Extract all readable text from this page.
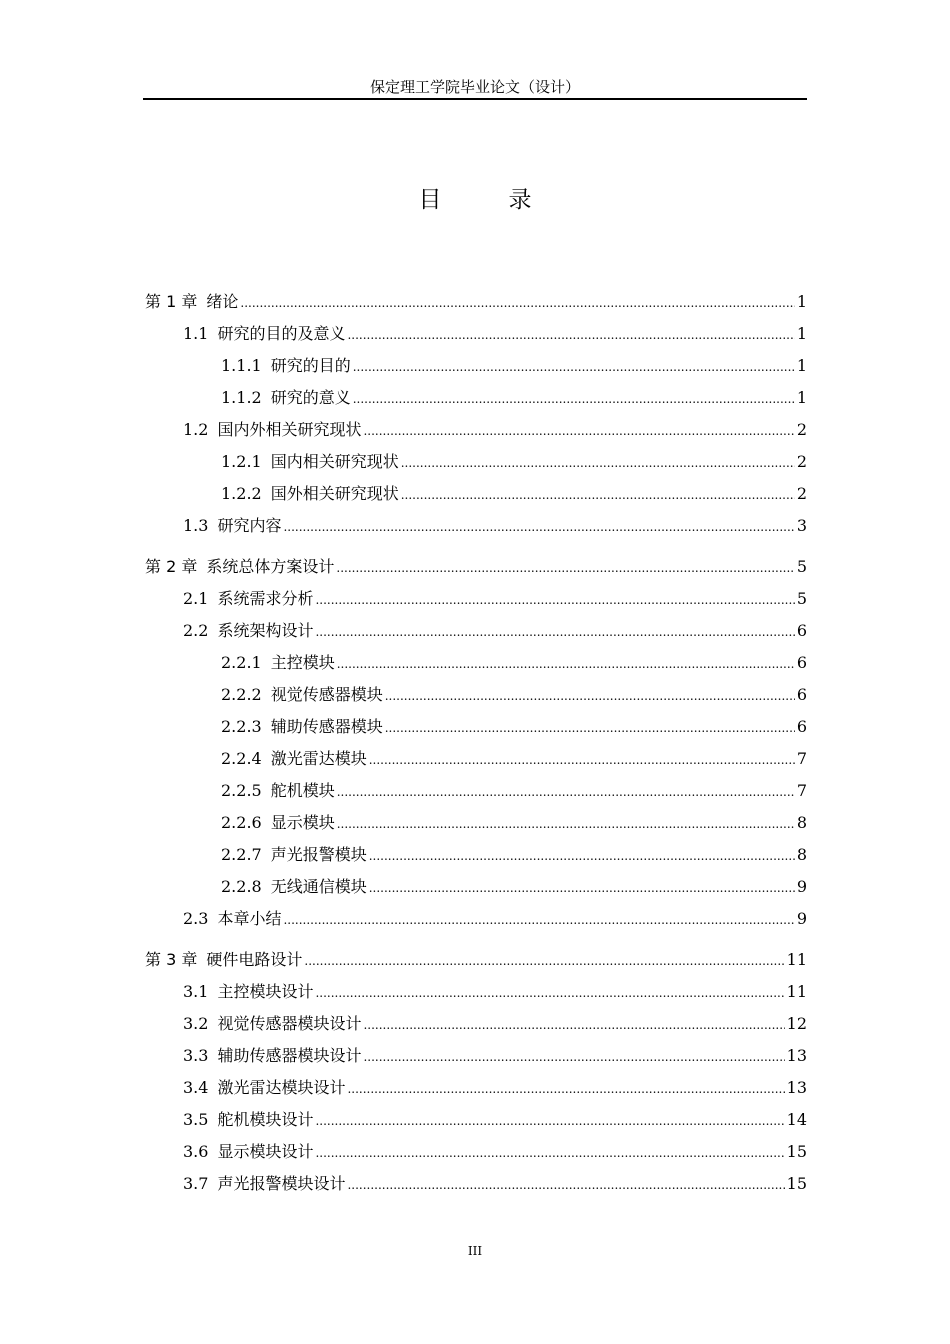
保定理工学院毕业论文（设计）
目　录
第 1 章 绪论 .....	1
1.1 研究的目的及意义 .....	1
1.1.1 研究的目的 .....	1
1.1.2 研究的意义 .....	1
1.2 国内外相关研究现状 .....	2
1.2.1 国内相关研究现状 .....	2
1.2.2 国外相关研究现状 .....	2
1.3 研究内容 .....	3
第 2 章 系统总体方案设计 .....	5
2.1 系统需求分析 .....	5
2.2 系统架构设计 .....	6
2.2.1 主控模块 .....	6
2.2.2 视觉传感器模块 .....	6
2.2.3 辅助传感器模块 .....	6
2.2.4 激光雷达模块 .....	7
2.2.5 舵机模块 .....	7
2.2.6 显示模块 .....	8
2.2.7 声光报警模块 .....	8
2.2.8 无线通信模块 .....	9
2.3 本章小结 .....	9
第 3 章 硬件电路设计 .....	11
3.1 主控模块设计 .....	11
3.2 视觉传感器模块设计 .....	12
3.3 辅助传感器模块设计 .....	13
3.4 激光雷达模块设计 .....	13
3.5 舵机模块设计 .....	14
3.6 显示模块设计 .....	15
3.7 声光报警模块设计 .....	15
III
